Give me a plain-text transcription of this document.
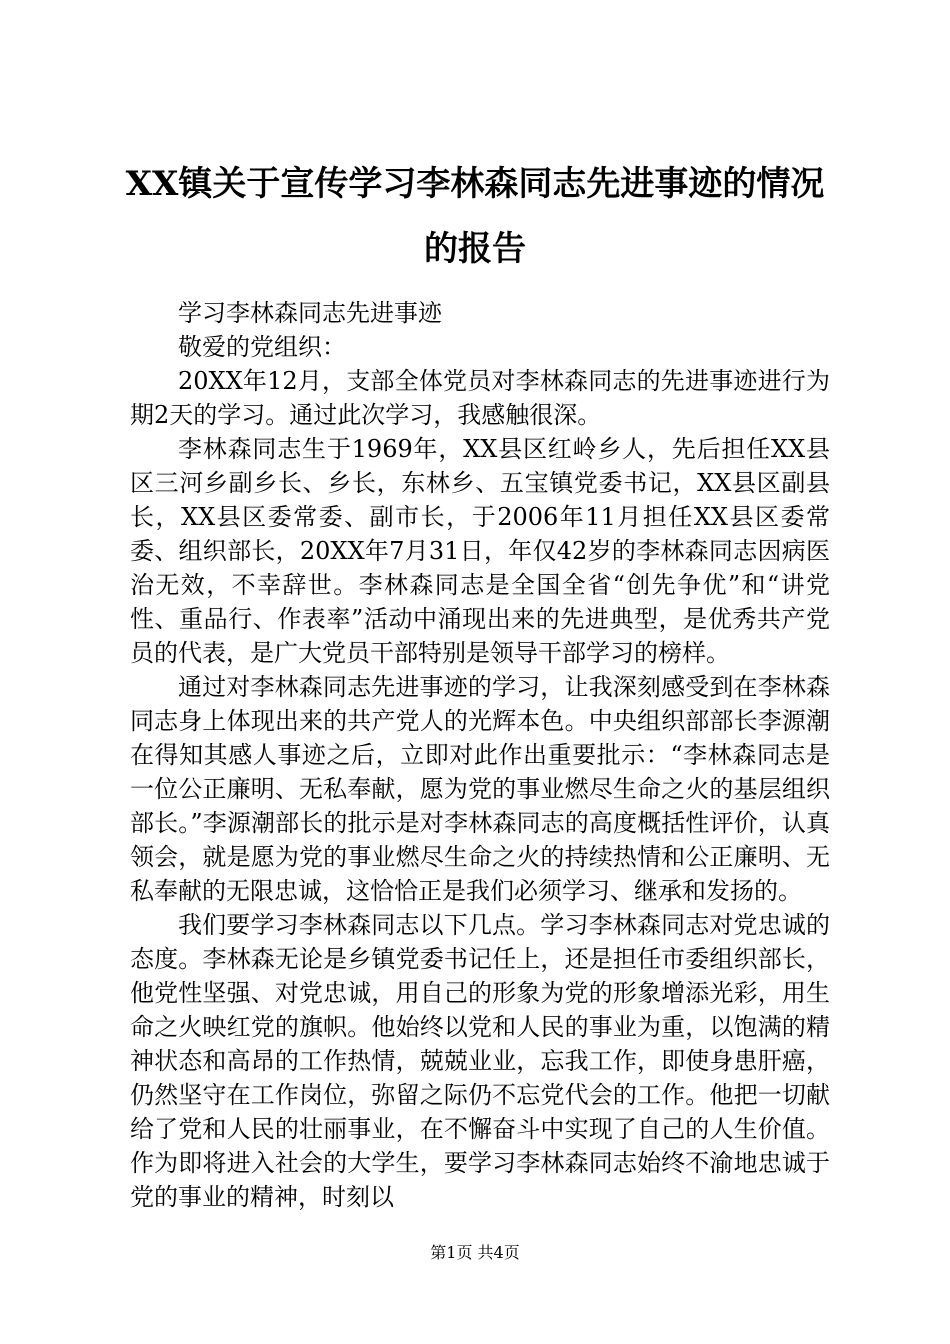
XX镇关于宣传学习李林森同志先进事迹的情况的报告

学习李林森同志先进事迹

敬爱的党组织：

20XX年12月，支部全体党员对李林森同志的先进事迹进行为期2天的学习。通过此次学习，我感触很深。

李林森同志生于1969年，XX县区红岭乡人，先后担任XX县区三河乡副乡长、乡长，东林乡、五宝镇党委书记，XX县区副县长，XX县区委常委、副市长，于2006年11月担任XX县区委常委、组织部长，20XX年7月31日，年仅42岁的李林森同志因病医治无效，不幸辞世。李林森同志是全国全省“创先争优”和“讲党性、重品行、作表率”活动中涌现出来的先进典型，是优秀共产党员的代表，是广大党员干部特别是领导干部学习的榜样。

通过对李林森同志先进事迹的学习，让我深刻感受到在李林森同志身上体现出来的共产党人的光辉本色。中央组织部部长李源潮在得知其感人事迹之后，立即对此作出重要批示：“李林森同志是一位公正廉明、无私奉献，愿为党的事业燃尽生命之火的基层组织部长。”李源潮部长的批示是对李林森同志的高度概括性评价，认真领会，就是愿为党的事业燃尽生命之火的持续热情和公正廉明、无私奉献的无限忠诚，这恰恰正是我们必须学习、继承和发扬的。

我们要学习李林森同志以下几点。学习李林森同志对党忠诚的态度。李林森无论是乡镇党委书记任上，还是担任市委组织部长，他党性坚强、对党忠诚，用自己的形象为党的形象增添光彩，用生命之火映红党的旗帜。他始终以党和人民的事业为重，以饱满的精神状态和高昂的工作热情，兢兢业业，忘我工作，即使身患肝癌，仍然坚守在工作岗位，弥留之际仍不忘党代会的工作。他把一切献给了党和人民的壮丽事业，在不懈奋斗中实现了自己的人生价值。作为即将进入社会的大学生，要学习李林森同志始终不渝地忠诚于党的事业的精神，时刻以

第1页 共4页
